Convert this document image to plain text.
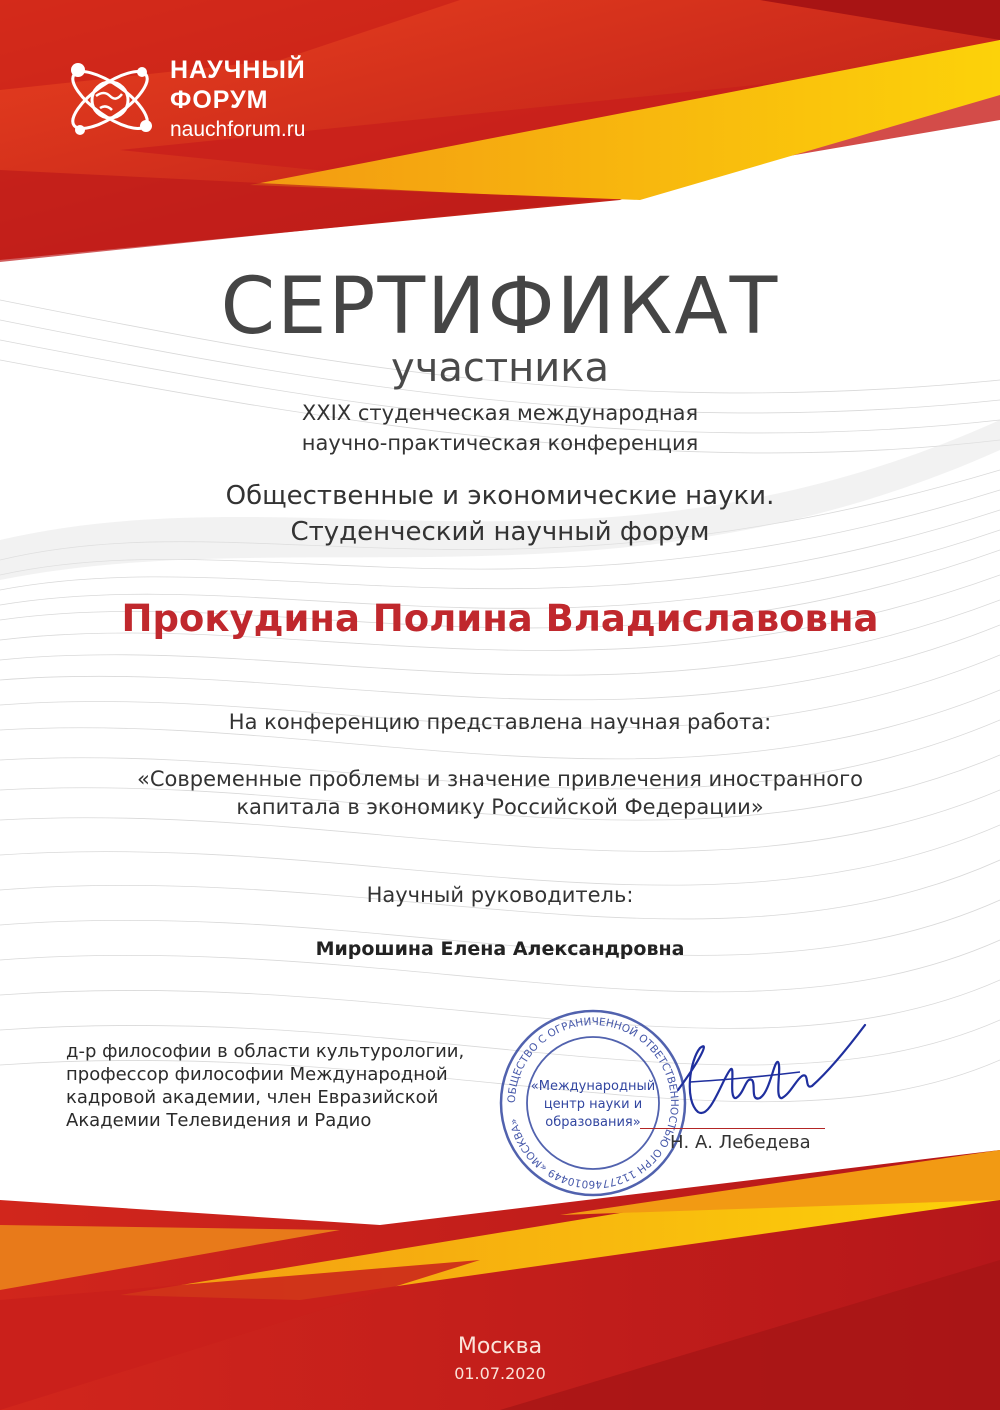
НАУЧНЫЙ
ФОРУМ
nauchforum.ru
СЕРТИФИКАТ
участника
XXIX студенческая международная
научно-практическая конференция
Общественные и экономические науки.
Студенческий научный форум
Прокудина Полина Владиславовна
На конференцию представлена научная работа:
«Современные проблемы и значение привлечения иностранного
капитала в экономику Российской Федерации»
Научный руководитель:
Мирошина Елена Александровна
д-р философии в области культурологии,
профессор философии Международной
кадровой академии, член Евразийской
Академии Телевидения и Радио
ОБЩЕСТВО С ОГРАНИЧЕННОЙ ОТВЕТСТВЕННОСТЬЮ ОГРН 1127746010449 «МОСКВА»
«Международный
центр науки и
образования»
Н. А. Лебедева
Москва
01.07.2020
